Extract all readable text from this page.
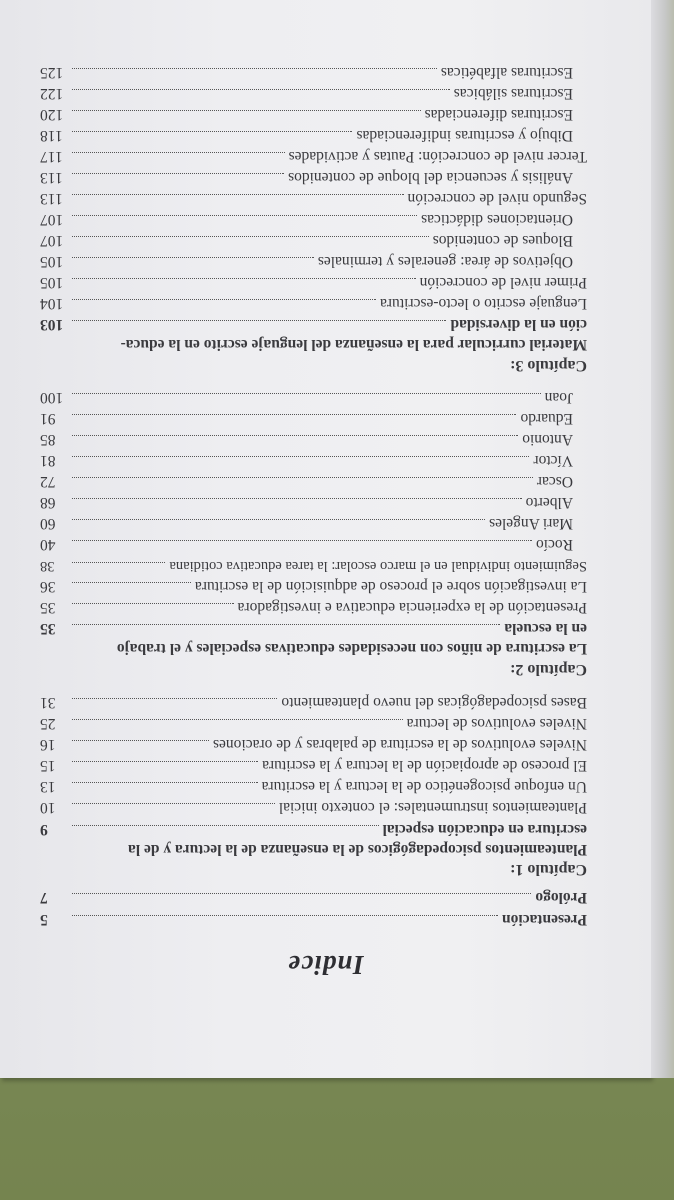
Indice
Presentación
5
Prólogo
7
Capítulo 1:
Planteamientos psicopedagógicos de la enseñanza de la lectura y de la
escritura en educación especial
9
Planteamientos instrumentales: el contexto inicial
10
Un enfoque psicogenético de la lectura y la escritura
13
El proceso de apropiación de la lectura y la escritura
15
Niveles evolutivos de la escritura de palabras y de oraciones
16
Niveles evolutivos de lectura
25
Bases psicopedagógicas del nuevo planteamiento
31
Capítulo 2:
La escritura de niños con necesidades educativas especiales y el trabajo
en la escuela
35
Presentación de la experiencia educativa e investigadora
35
La investigación sobre el proceso de adquisición de la escritura
36
Seguimiento individual en el marco escolar: la tarea educativa cotidiana
38
Rocío
40
Mari Angeles
60
Alberto
68
Oscar
72
Víctor
81
Antonio
85
Eduardo
91
Joan
100
Capítulo 3:
Material curricular para la enseñanza del lenguaje escrito en la educa-
ción en la diversidad
103
Lenguaje escrito o lecto-escritura
104
Primer nivel de concreción
105
Objetivos de área: generales y terminales
105
Bloques de contenidos
107
Orientaciones didácticas
107
Segundo nivel de concreción
113
Análisis y secuencia del bloque de contenidos
113
Tercer nivel de concreción: Pautas y actividades
117
Dibujo y escrituras indiferenciadas
118
Escrituras diferenciadas
120
Escrituras silábicas
122
Escrituras alfabéticas
125
